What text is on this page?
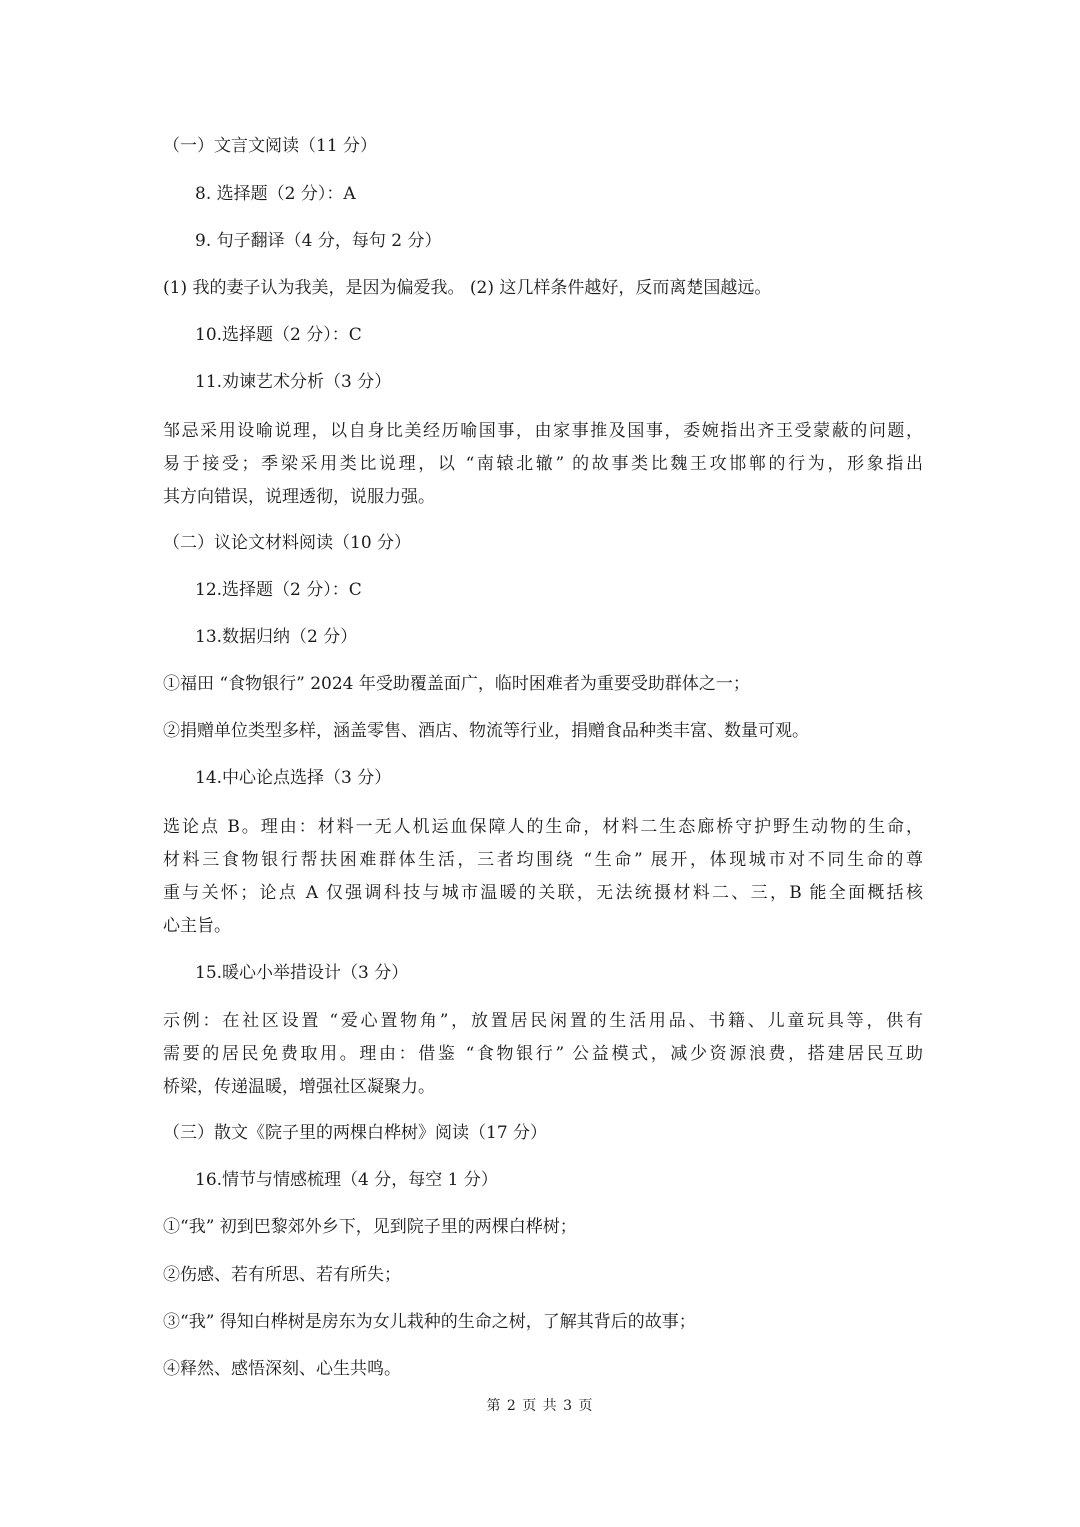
（一）文言文阅读（11 分）
8. 选择题（2 分）：A
9. 句子翻译（4 分，每句 2 分）
(1) 我的妻子认为我美，是因为偏爱我。 (2) 这几样条件越好，反而离楚国越远。
10.选择题（2 分）：C
11.劝谏艺术分析（3 分）
邹忌采用设喻说理，以自身比美经历喻国事，由家事推及国事，委婉指出齐王受蒙蔽的问题，
易于接受；季梁采用类比说理，以 “南辕北辙” 的故事类比魏王攻邯郸的行为，形象指出
其方向错误，说理透彻，说服力强。
（二）议论文材料阅读（10 分）
12.选择题（2 分）：C
13.数据归纳（2 分）
①福田 “食物银行” 2024 年受助覆盖面广，临时困难者为重要受助群体之一；
②捐赠单位类型多样，涵盖零售、酒店、物流等行业，捐赠食品种类丰富、数量可观。
14.中心论点选择（3 分）
选论点 B。理由：材料一无人机运血保障人的生命，材料二生态廊桥守护野生动物的生命，
材料三食物银行帮扶困难群体生活，三者均围绕 “生命” 展开，体现城市对不同生命的尊
重与关怀；论点 A 仅强调科技与城市温暖的关联，无法统摄材料二、三，B 能全面概括核
心主旨。
15.暖心小举措设计（3 分）
示例：在社区设置 “爱心置物角”，放置居民闲置的生活用品、书籍、儿童玩具等，供有
需要的居民免费取用。理由：借鉴 “食物银行” 公益模式，减少资源浪费，搭建居民互助
桥梁，传递温暖，增强社区凝聚力。
（三）散文《院子里的两棵白桦树》阅读（17 分）
16.情节与情感梳理（4 分，每空 1 分）
①“我” 初到巴黎郊外乡下，见到院子里的两棵白桦树；
②伤感、若有所思、若有所失；
③“我” 得知白桦树是房东为女儿栽种的生命之树，了解其背后的故事；
④释然、感悟深刻、心生共鸣。
第 2 页 共 3 页
